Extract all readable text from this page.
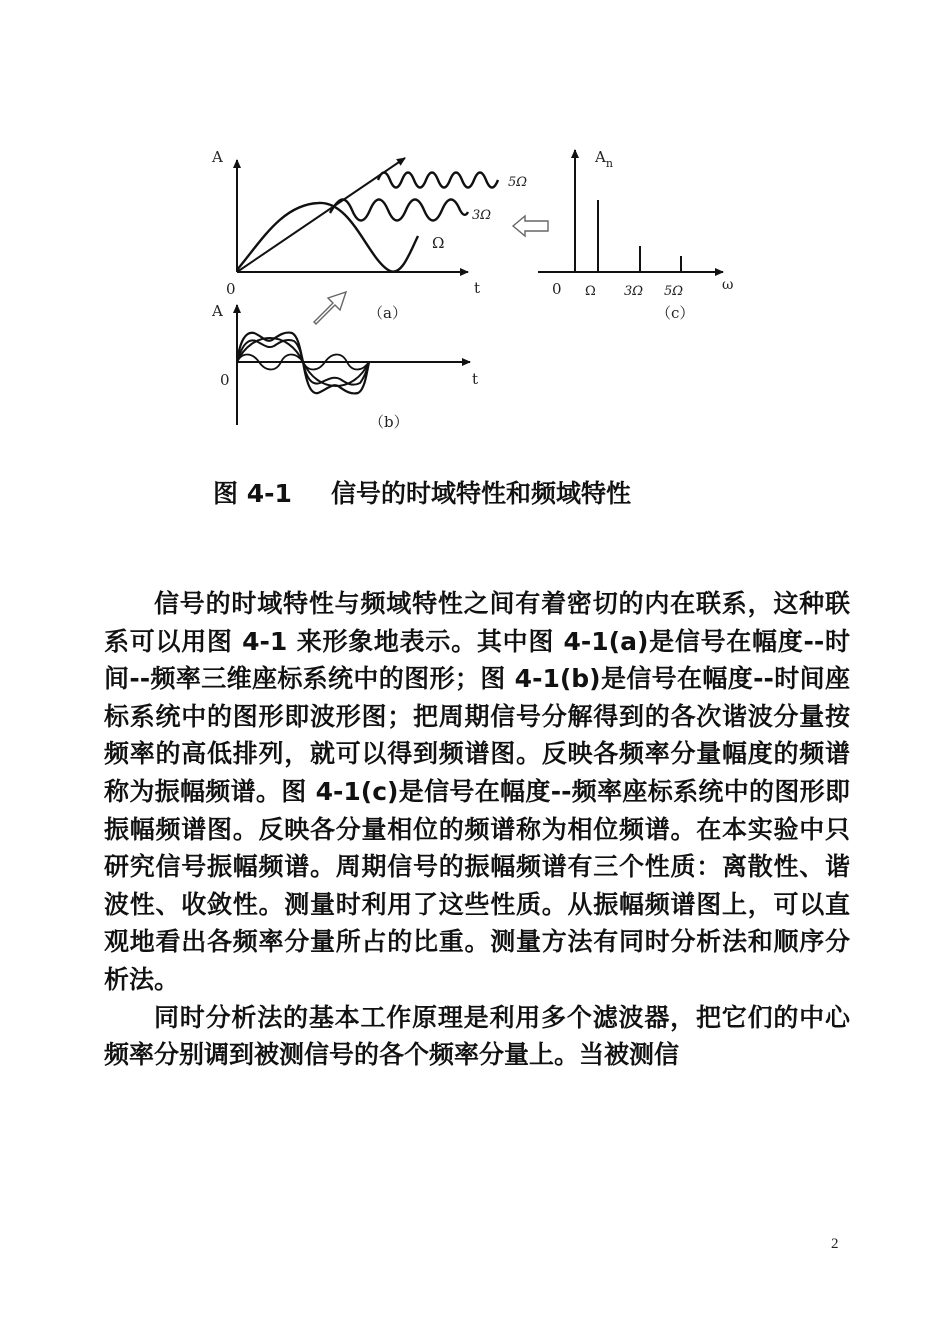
A
0	t
5Ω
3Ω
Ω
（a）
A
0	t
（b）
$A_n$
0 Ω 3Ω 5Ω	ω
（c）
图 4-1 信号的时域特性和频域特性

信号的时域特性与频域特性之间有着密切的内在联系，这种联系可以用图 4-1 来形象地表示。其中图 4-1(a)是信号在幅度--时间--频率三维座标系统中的图形；图 4-1(b)是信号在幅度--时间座标系统中的图形即波形图；把周期信号分解得到的各次谐波分量按频率的高低排列，就可以得到频谱图。反映各频率分量幅度的频谱称为振幅频谱。图 4-1(c)是信号在幅度--频率座标系统中的图形即振幅频谱图。反映各分量相位的频谱称为相位频谱。在本实验中只研究信号振幅频谱。周期信号的振幅频谱有三个性质：离散性、谐波性、收敛性。测量时利用了这些性质。从振幅频谱图上，可以直观地看出各频率分量所占的比重。测量方法有同时分析法和顺序分析法。

同时分析法的基本工作原理是利用多个滤波器，把它们的中心频率分别调到被测信号的各个频率分量上。当被测信

2
